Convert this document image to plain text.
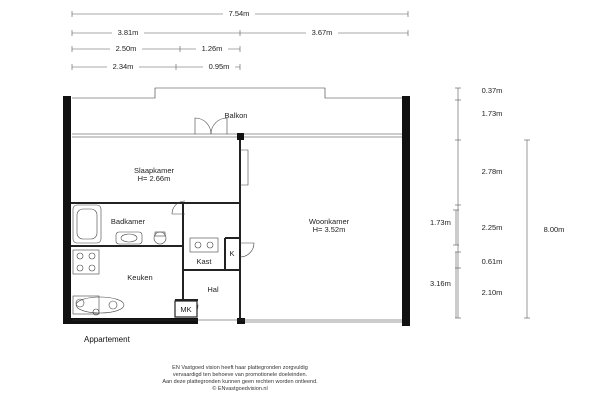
7.54m
3.81m	3.67m
2.50m	1.26m
2.34m	0.95m
0.37m
1.73m
2.78m
2.25m
0.61m
2.10m
8.00m
1.73m
3.16m
Balkon
Slaapkamer
H= 2.66m
Badkamer	Woonkamer
H= 3.52m
Kast
K
Keuken
Hal
MK
Appartement
EN Vastgoed vision heeft haar plattegronden zorgvuldig
vervaardigd ten behoeve van promotionele doeleinden.
Aan deze plattegronden kunnen geen rechten worden ontleend.
© ENvastgoedvision.nl
